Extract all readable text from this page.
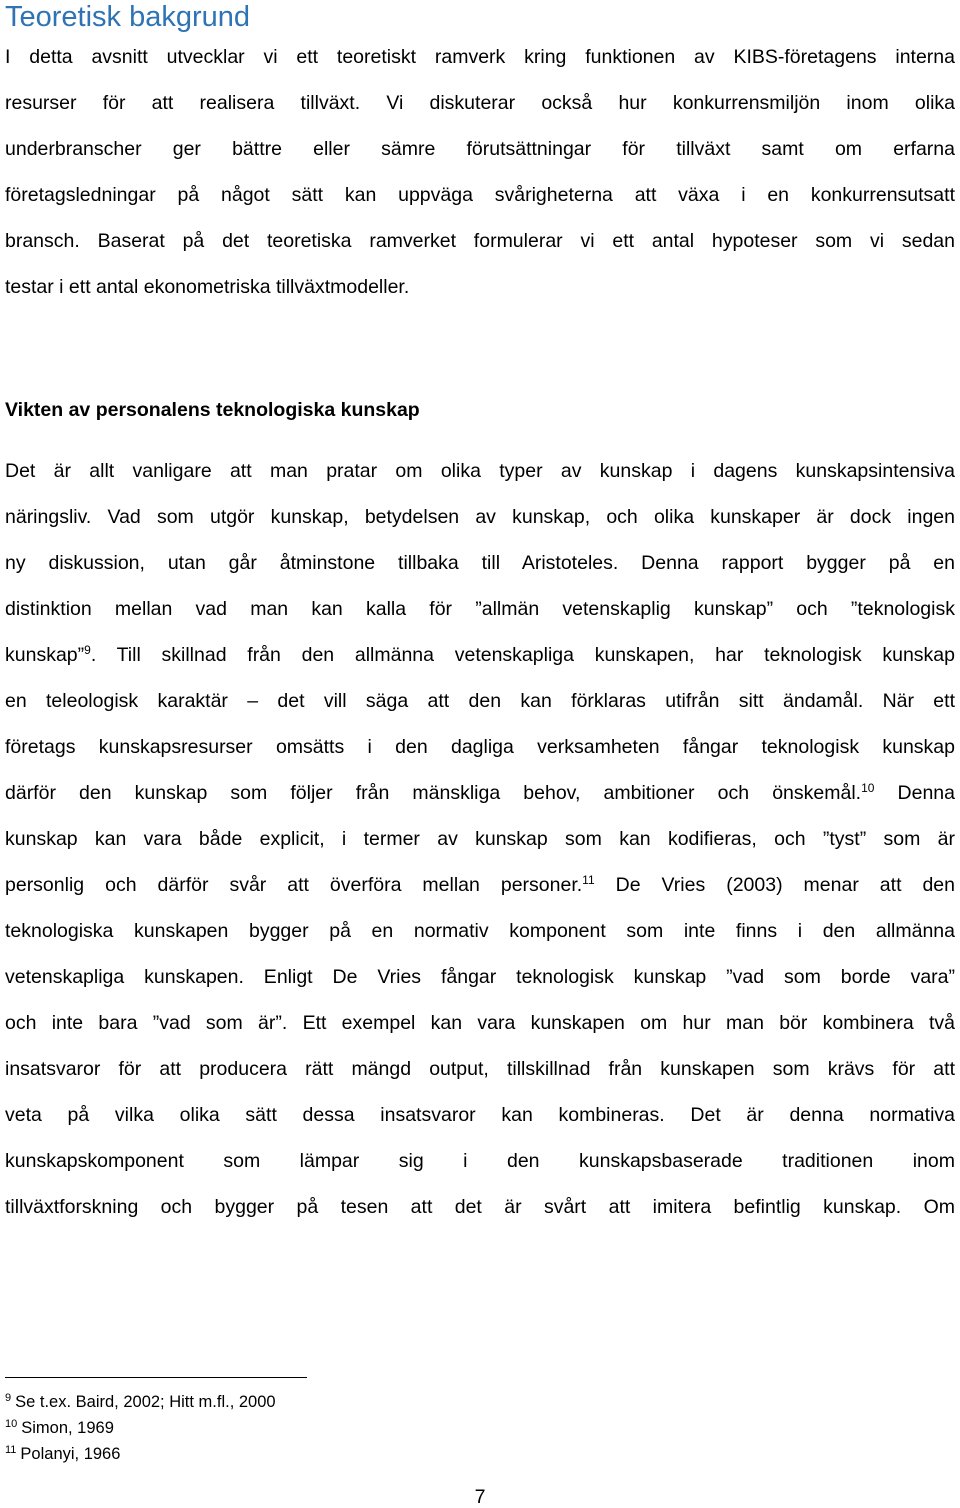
Teoretisk bakgrund
I detta avsnitt utvecklar vi ett teoretiskt ramverk kring funktionen av KIBS-företagens interna
resurser för att realisera tillväxt. Vi diskuterar också hur konkurrensmiljön inom olika
underbranscher ger bättre eller sämre förutsättningar för tillväxt samt om erfarna
företagsledningar på något sätt kan uppväga svårigheterna att växa i en konkurrensutsatt
bransch. Baserat på det teoretiska ramverket formulerar vi ett antal hypoteser som vi sedan
testar i ett antal ekonometriska tillväxtmodeller.
Vikten av personalens teknologiska kunskap
Det är allt vanligare att man pratar om olika typer av kunskap i dagens kunskapsintensiva
näringsliv. Vad som utgör kunskap, betydelsen av kunskap, och olika kunskaper är dock ingen
ny diskussion, utan går åtminstone tillbaka till Aristoteles. Denna rapport bygger på en
distinktion mellan vad man kan kalla för ”allmän vetenskaplig kunskap” och ”teknologisk
kunskap”$^9$. Till skillnad från den allmänna vetenskapliga kunskapen, har teknologisk kunskap
en teleologisk karaktär – det vill säga att den kan förklaras utifrån sitt ändamål. När ett
företags kunskapsresurser omsätts i den dagliga verksamheten fångar teknologisk kunskap
därför den kunskap som följer från mänskliga behov, ambitioner och önskemål.$^{10}$ Denna
kunskap kan vara både explicit, i termer av kunskap som kan kodifieras, och ”tyst” som är
personlig och därför svår att överföra mellan personer.$^{11}$ De Vries (2003) menar att den
teknologiska kunskapen bygger på en normativ komponent som inte finns i den allmänna
vetenskapliga kunskapen. Enligt De Vries fångar teknologisk kunskap ”vad som borde vara”
och inte bara ”vad som är”. Ett exempel kan vara kunskapen om hur man bör kombinera två
insatsvaror för att producera rätt mängd output, tillskillnad från kunskapen som krävs för att
veta på vilka olika sätt dessa insatsvaror kan kombineras. Det är denna normativa
kunskapskomponent som lämpar sig i den kunskapsbaserade traditionen inom
tillväxtforskning och bygger på tesen att det är svårt att imitera befintlig kunskap. Om
$^9$ Se t.ex. Baird, 2002; Hitt m.fl., 2000
$^{10}$ Simon, 1969
$^{11}$ Polanyi, 1966
7
